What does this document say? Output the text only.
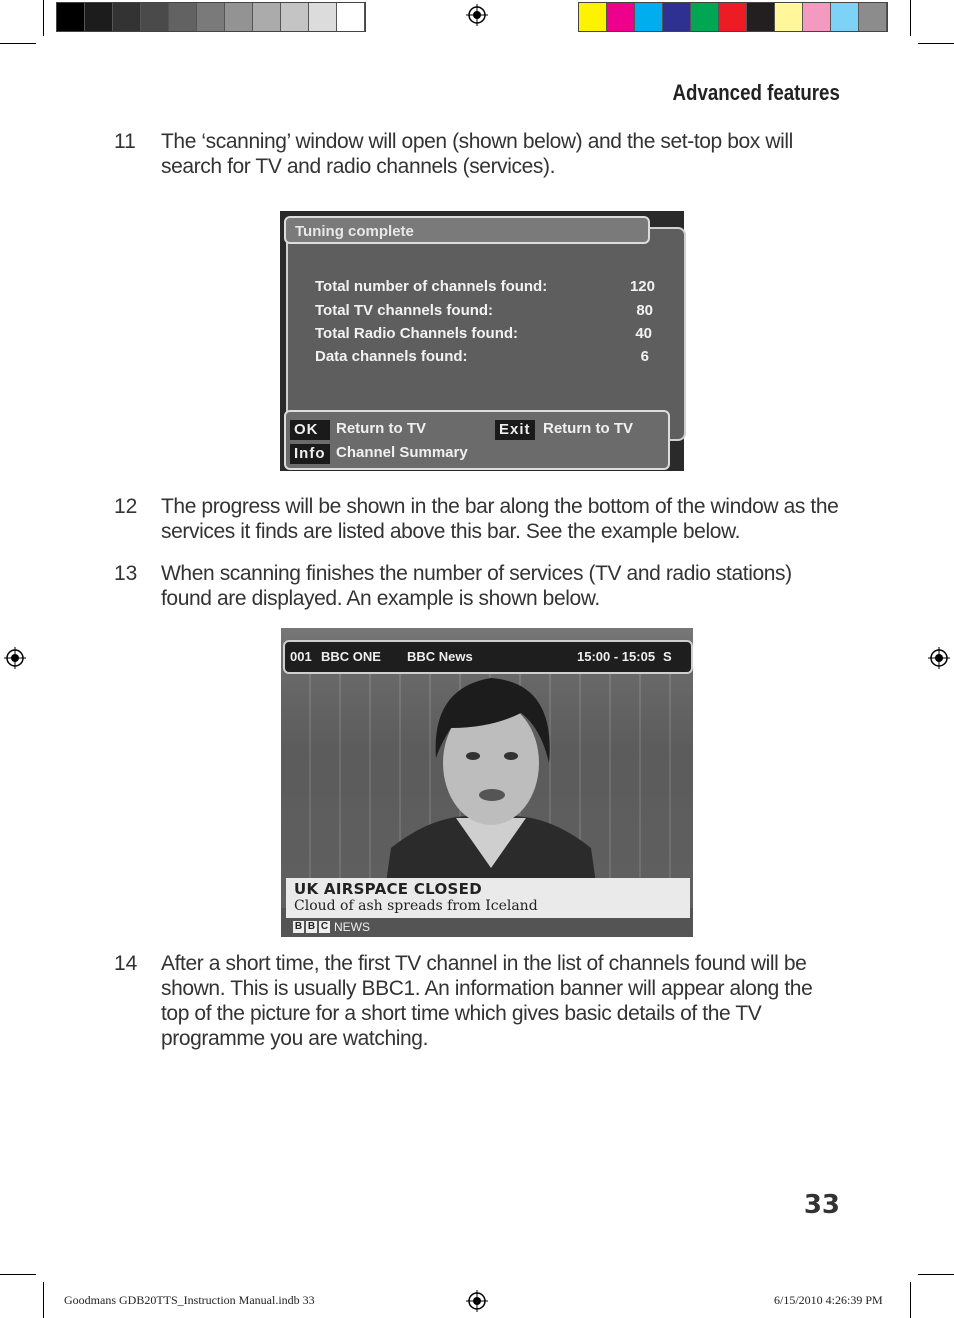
Advanced features
11 The ‘scanning’ window will open (shown below) and the set-top box will search for TV and radio channels (services).
Tuning complete
Total number of channels found:	120
Total TV channels found:	80
Total Radio Channels found:	40
Data channels found:	6
OK	Return to TV	Exit Return to TV
Info Channel Summary
12 The progress will be shown in the bar along the bottom of the window as the services it finds are listed above this bar. See the example below.
13 When scanning finishes the number of services (TV and radio stations) found are displayed. An example is shown below.
001 BBC ONE BBC News	15:00 - 15:05 S
UK AIRSPACE CLOSED
Cloud of ash spreads from Iceland
B B C NEWS
14 After a short time, the first TV channel in the list of channels found will be shown. This is usually BBC1. An information banner will appear along the top of the picture for a short time which gives basic details of the TV programme you are watching.
33
Goodmans GDB20TTS_Instruction Manual.indb 33	6/15/2010 4:26:39 PM
